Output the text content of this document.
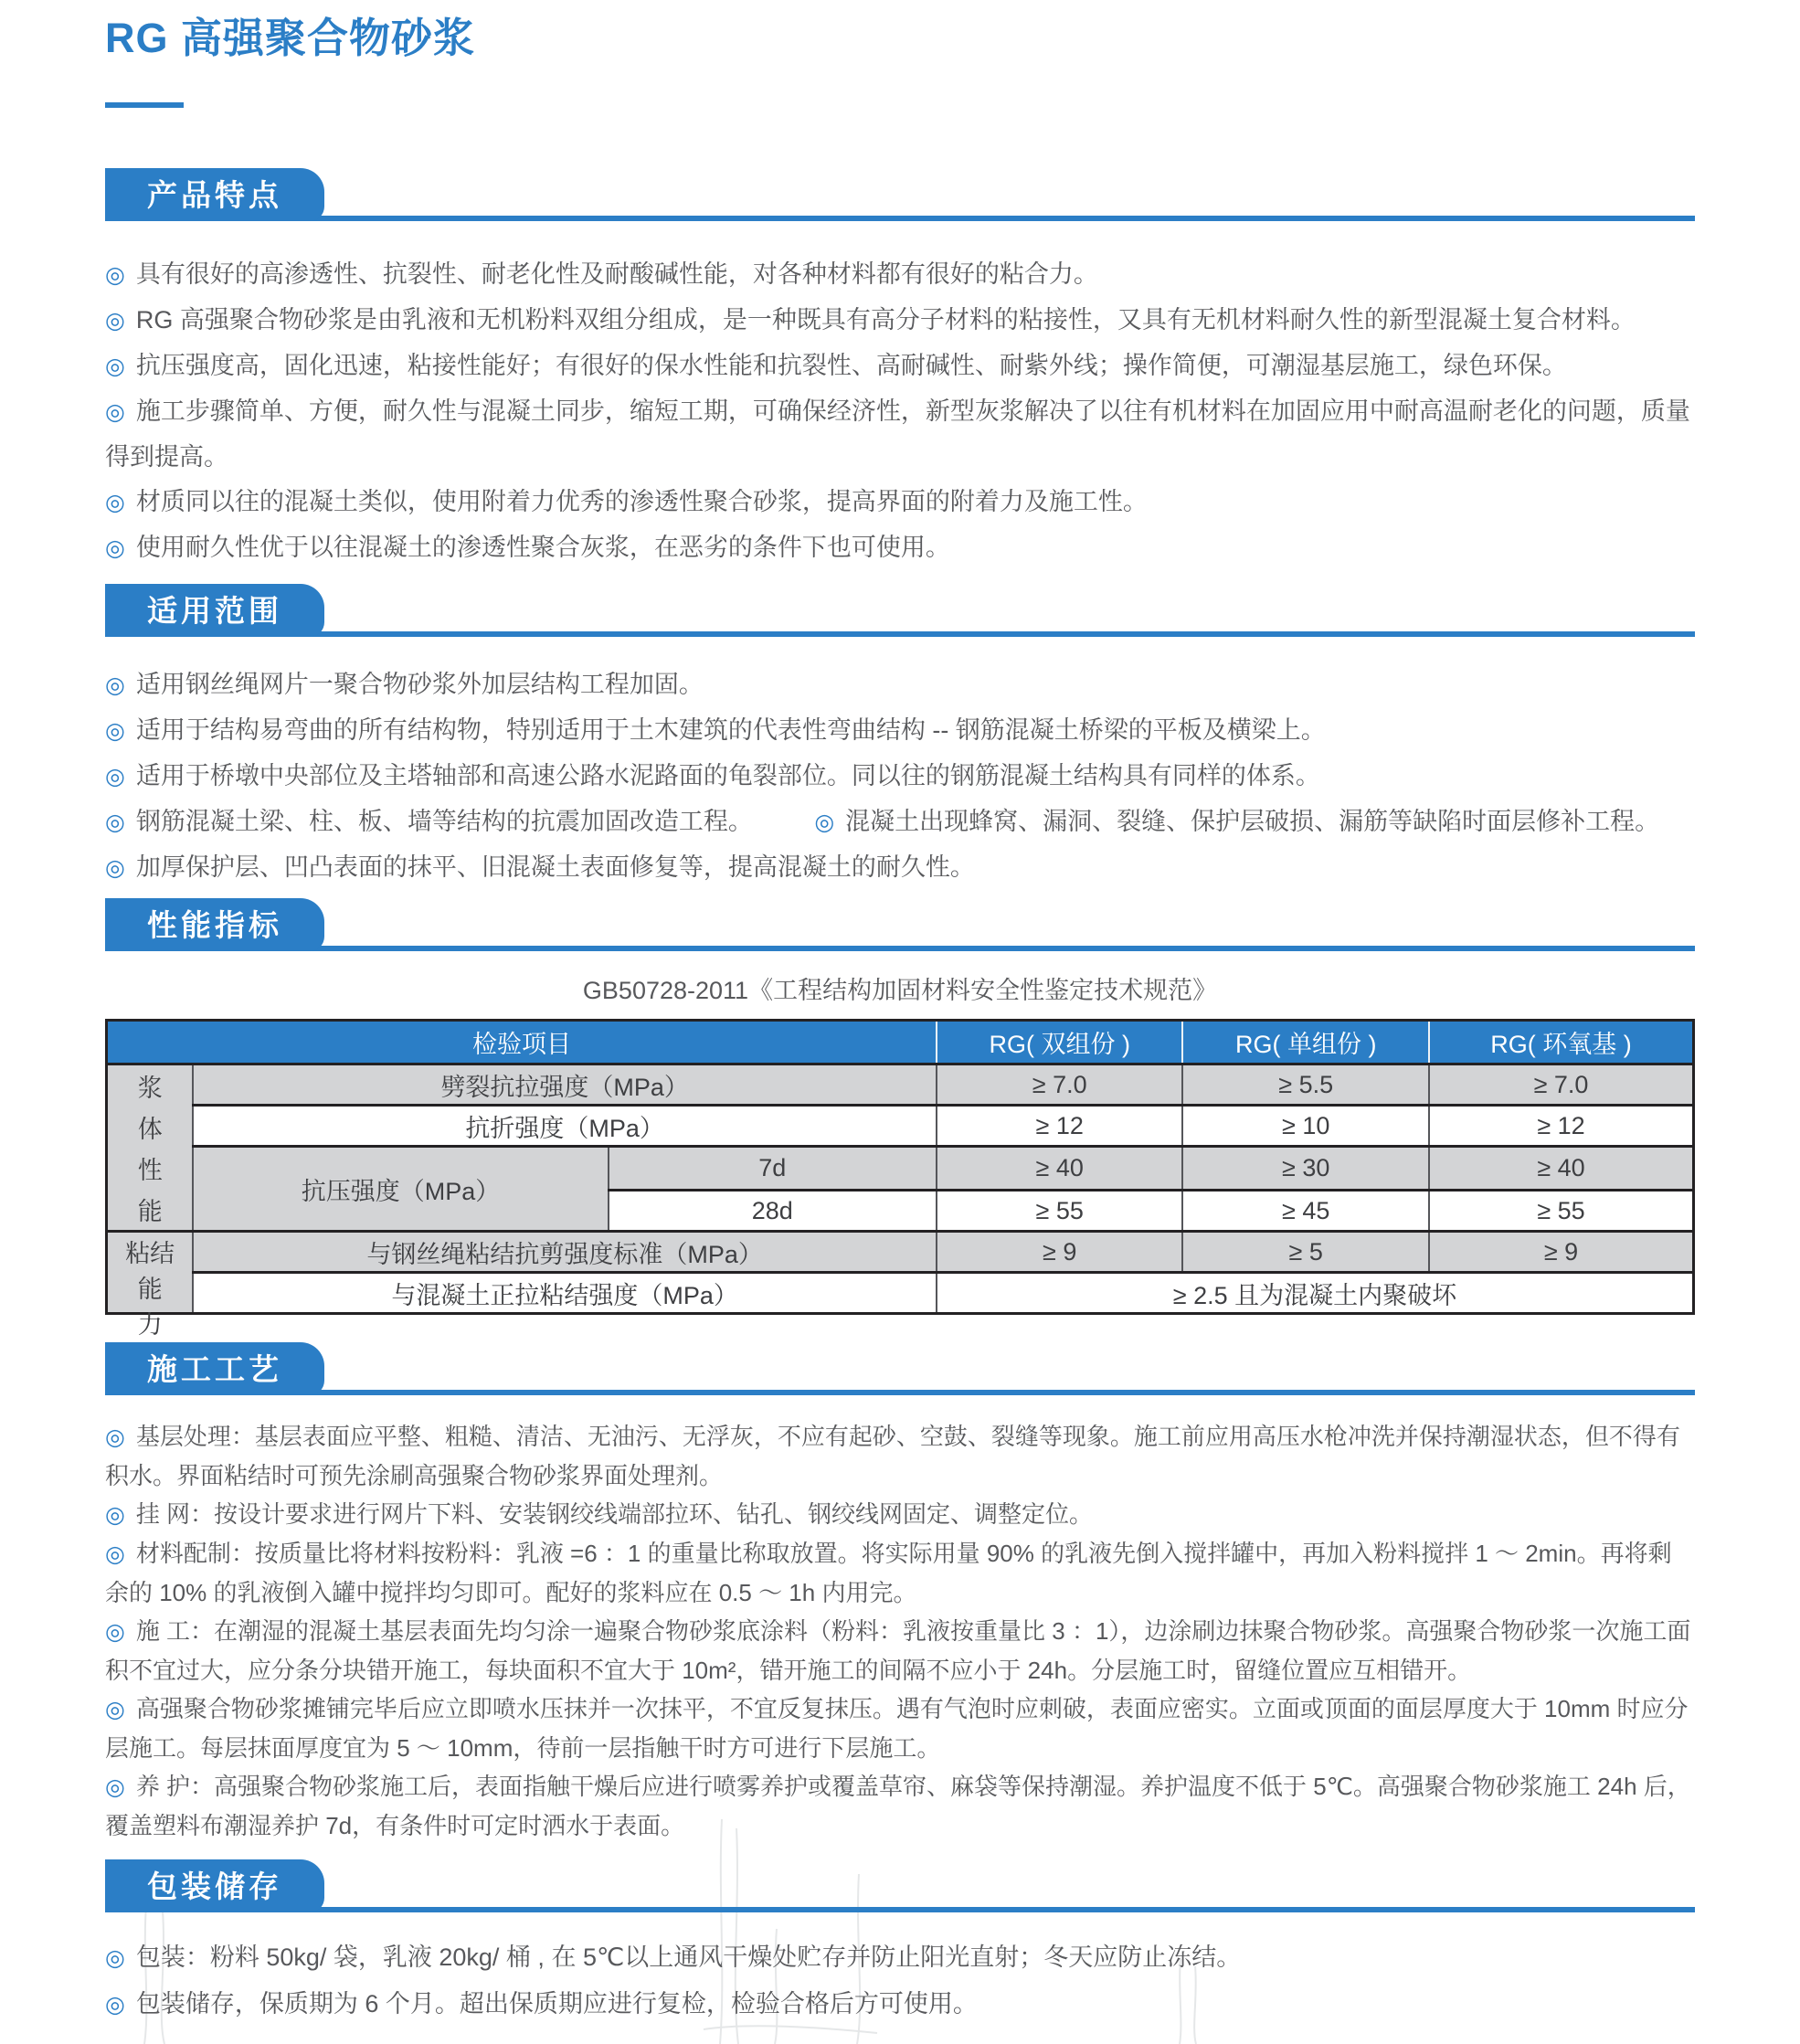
RG 高强聚合物砂浆
产品特点
◎ 具有很好的高渗透性、抗裂性、耐老化性及耐酸碱性能，对各种材料都有很好的粘合力。
◎ RG 高强聚合物砂浆是由乳液和无机粉料双组分组成，是一种既具有高分子材料的粘接性，又具有无机材料耐久性的新型混凝土复合材料。
◎ 抗压强度高，固化迅速，粘接性能好；有很好的保水性能和抗裂性、高耐碱性、耐紫外线；操作简便，可潮湿基层施工，绿色环保。
◎ 施工步骤简单、方便，耐久性与混凝土同步，缩短工期，可确保经济性，新型灰浆解决了以往有机材料在加固应用中耐高温耐老化的问题，质量得到提高。
◎ 材质同以往的混凝土类似，使用附着力优秀的渗透性聚合砂浆，提高界面的附着力及施工性。
◎ 使用耐久性优于以往混凝土的渗透性聚合灰浆，在恶劣的条件下也可使用。
适用范围
◎ 适用钢丝绳网片一聚合物砂浆外加层结构工程加固。
◎ 适用于结构易弯曲的所有结构物，特别适用于土木建筑的代表性弯曲结构 -- 钢筋混凝土桥梁的平板及横梁上。
◎ 适用于桥墩中央部位及主塔轴部和高速公路水泥路面的龟裂部位。同以往的钢筋混凝土结构具有同样的体系。
◎ 钢筋混凝土梁、柱、板、墙等结构的抗震加固改造工程。	◎ 混凝土出现蜂窝、漏洞、裂缝、保护层破损、漏筋等缺陷时面层修补工程。
◎ 加厚保护层、凹凸表面的抹平、旧混凝土表面修复等，提高混凝土的耐久性。
性能指标
GB50728-2011《工程结构加固材料安全性鉴定技术规范》
检验项目			RG( 双组份 )	RG( 单组份 )	RG( 环氧基 )

浆
体
性
能	劈裂抗拉强度（MPa）		≥ 7.0	≥ 5.5	≥ 7.0
	抗折强度（MPa）		≥ 12	≥ 10	≥ 12
	抗压强度（MPa）	7d	≥ 40	≥ 30	≥ 40
		28d	≥ 55	≥ 45	≥ 55

粘结能
力	与钢丝绳粘结抗剪强度标准（MPa）		≥ 9	≥ 5	≥ 9
	与混凝土正拉粘结强度（MPa）		≥ 2.5 且为混凝土内聚破坏		
施工工艺

◎ 基层处理：基层表面应平整、粗糙、清洁、无油污、无浮灰，不应有起砂、空鼓、裂缝等现象。施工前应用高压水枪冲洗并保持潮湿状态，但不得有积水。界面粘结时可预先涂刷高强聚合物砂浆界面处理剂。

◎ 挂 网：按设计要求进行网片下料、安装钢绞线端部拉环、钻孔、钢绞线网固定、调整定位。

◎ 材料配制：按质量比将材料按粉料：乳液 =6 ：1 的重量比称取放置。将实际用量 90% 的乳液先倒入搅拌罐中，再加入粉料搅拌 1 ～ 2min。再将剩余的 10% 的乳液倒入罐中搅拌均匀即可。配好的浆料应在 0.5 ～ 1h 内用完。

◎ 施 工：在潮湿的混凝土基层表面先均匀涂一遍聚合物砂浆底涂料（粉料：乳液按重量比 3 ：1），边涂刷边抹聚合物砂浆。高强聚合物砂浆一次施工面积不宜过大，应分条分块错开施工，每块面积不宜大于 10m²，错开施工的间隔不应小于 24h。分层施工时，留缝位置应互相错开。

◎ 高强聚合物砂浆摊铺完毕后应立即喷水压抹并一次抹平，不宜反复抹压。遇有气泡时应刺破，表面应密实。立面或顶面的面层厚度大于 10mm 时应分层施工。每层抹面厚度宜为 5 ～ 10mm，待前一层指触干时方可进行下层施工。

◎ 养 护：高强聚合物砂浆施工后，表面指触干燥后应进行喷雾养护或覆盖草帘、麻袋等保持潮湿。养护温度不低于 5℃。高强聚合物砂浆施工 24h 后，覆盖塑料布潮湿养护 7d，有条件时可定时洒水于表面。

包装储存
◎ 包装：粉料 50kg/ 袋，乳液 20kg/ 桶 , 在 5℃以上通风干燥处贮存并防止阳光直射；冬天应防止冻结。
◎ 包装储存，保质期为 6 个月。超出保质期应进行复检，检验合格后方可使用。
